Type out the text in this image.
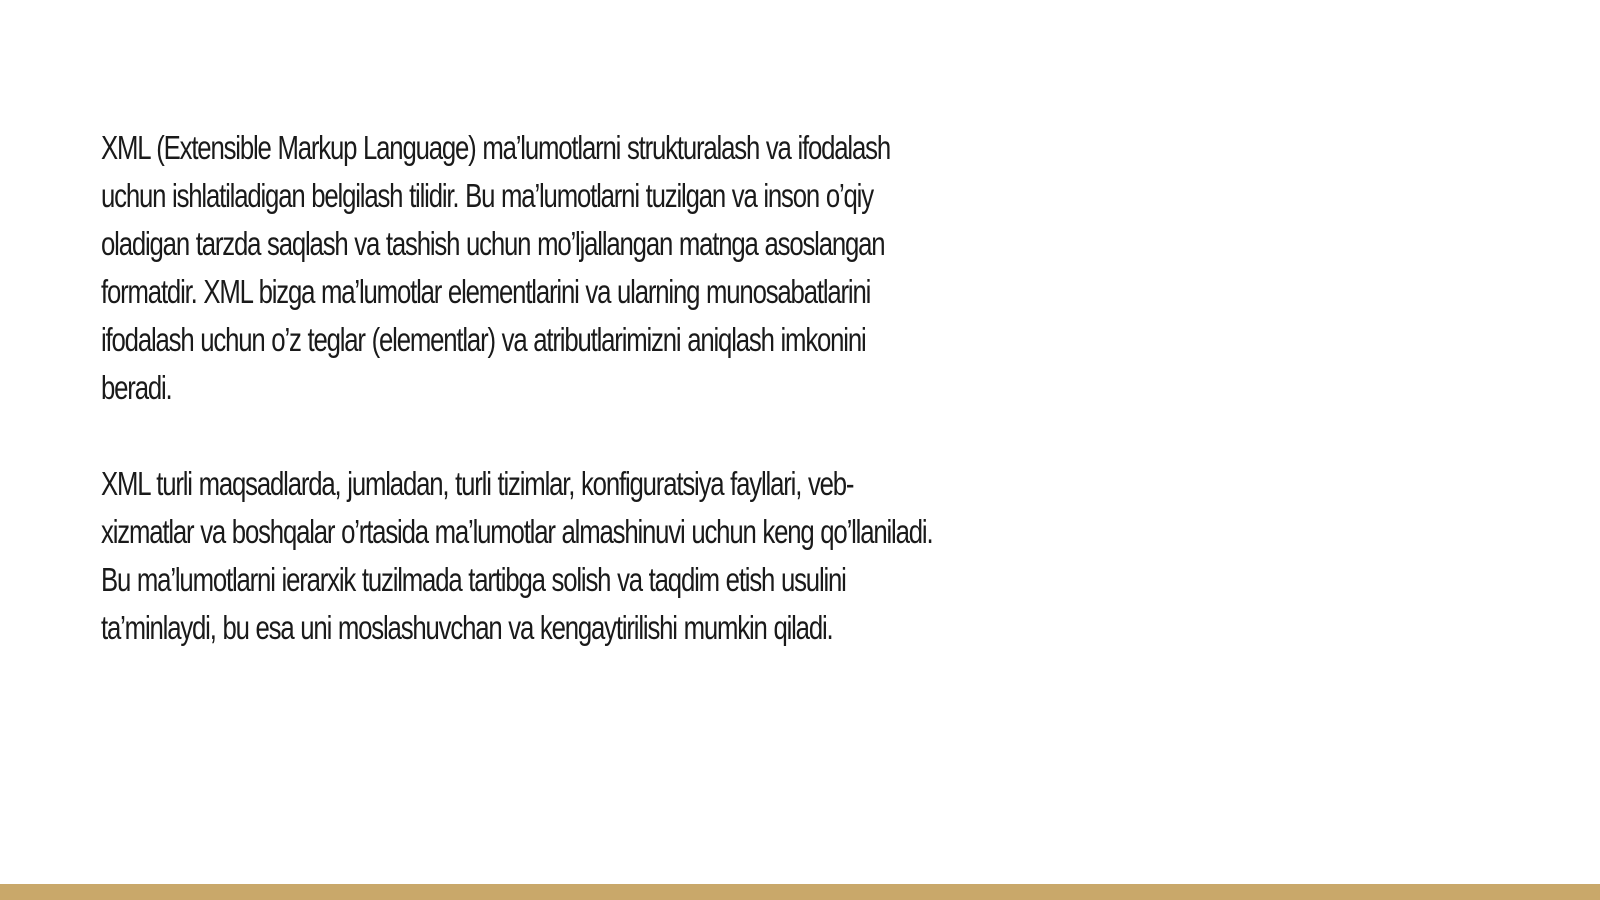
XML (Extensible Markup Language) ma’lumotlarni strukturalash va ifodalash
uchun ishlatiladigan belgilash tilidir. Bu ma’lumotlarni tuzilgan va inson o’qiy
oladigan tarzda saqlash va tashish uchun mo’ljallangan matnga asoslangan
formatdir. XML bizga ma’lumotlar elementlarini va ularning munosabatlarini
ifodalash uchun o’z teglar (elementlar) va atributlarimizni aniqlash imkonini
beradi.

XML turli maqsadlarda, jumladan, turli tizimlar, konfiguratsiya fayllari, veb-
xizmatlar va boshqalar o’rtasida ma’lumotlar almashinuvi uchun keng qo’llaniladi.
Bu ma’lumotlarni ierarxik tuzilmada tartibga solish va taqdim etish usulini
ta’minlaydi, bu esa uni moslashuvchan va kengaytirilishi mumkin qiladi.
